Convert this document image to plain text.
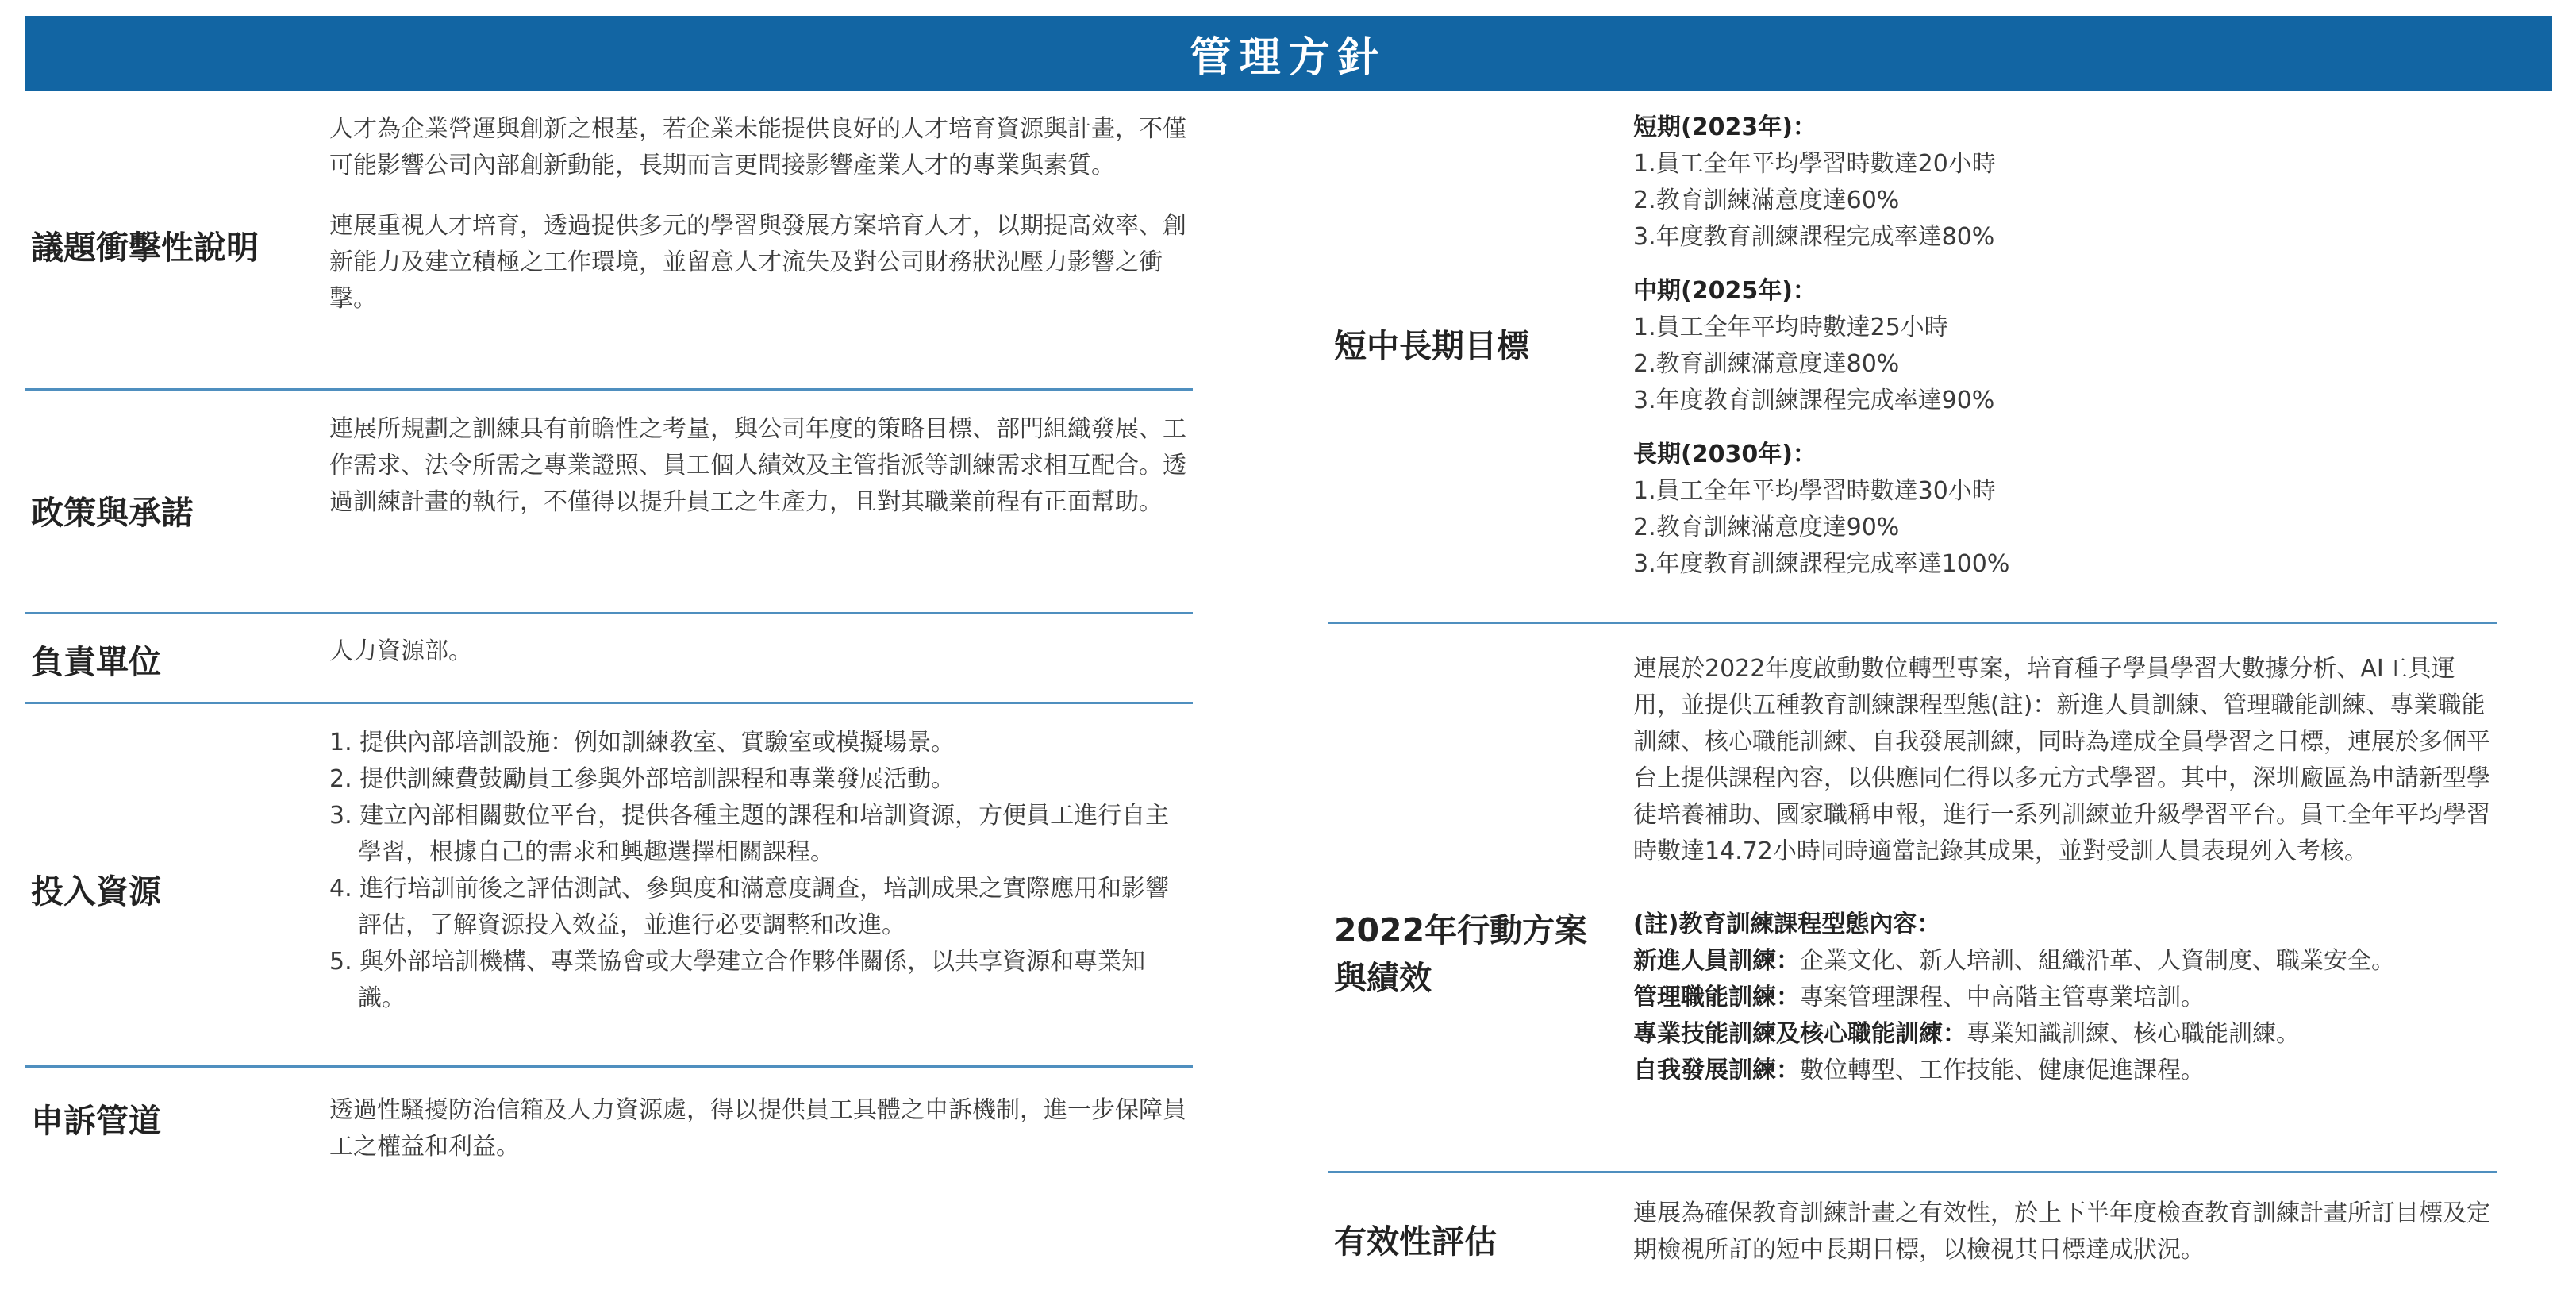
管理方針
議題衝擊性說明

人才為企業營運與創新之根基，若企業未能提供良好的人才培育資源與計畫，不僅可能影響公司內部創新動能，長期而言更間接影響產業人才的專業與素質。

連展重視人才培育，透過提供多元的學習與發展方案培育人才，以期提高效率、創新能力及建立積極之工作環境，並留意人才流失及對公司財務狀況壓力影響之衝擊。

政策與承諾

連展所規劃之訓練具有前瞻性之考量，與公司年度的策略目標、部門組織發展、工作需求、法令所需之專業證照、員工個人績效及主管指派等訓練需求相互配合。透過訓練計畫的執行，不僅得以提升員工之生產力，且對其職業前程有正面幫助。

負責單位	人力資源部。

投入資源
1. 提供內部培訓設施：例如訓練教室、實驗室或模擬場景。
2. 提供訓練費鼓勵員工參與外部培訓課程和專業發展活動。
3. 建立內部相關數位平台，提供各種主題的課程和培訓資源，方便員工進行自主學習，根據自己的需求和興趣選擇相關課程。
4. 進行培訓前後之評估測試、參與度和滿意度調查，培訓成果之實際應用和影響評估，了解資源投入效益，並進行必要調整和改進。
5. 與外部培訓機構、專業協會或大學建立合作夥伴關係，以共享資源和專業知識。
申訴管道	透過性騷擾防治信箱及人力資源處，得以提供員工具體之申訴機制，進一步保障員工之權益和利益。

短中長期目標
短期(2023年)：
1.員工全年平均學習時數達20小時
2.教育訓練滿意度達60%
3.年度教育訓練課程完成率達80%
中期(2025年)：
1.員工全年平均時數達25小時
2.教育訓練滿意度達80%
3.年度教育訓練課程完成率達90%
長期(2030年)：
1.員工全年平均學習時數達30小時
2.教育訓練滿意度達90%
3.年度教育訓練課程完成率達100%
2022年行動方案
與績效

連展於2022年度啟動數位轉型專案，培育種子學員學習大數據分析、AI工具運用，並提供五種教育訓練課程型態(註)：新進人員訓練、管理職能訓練、專業職能訓練、核心職能訓練、自我發展訓練，同時為達成全員學習之目標，連展於多個平台上提供課程內容，以供應同仁得以多元方式學習。其中，深圳廠區為申請新型學徒培養補助、國家職稱申報，進行一系列訓練並升級學習平台。員工全年平均學習時數達14.72小時同時適當記錄其成果，並對受訓人員表現列入考核。

(註)教育訓練課程型態內容：
新進人員訓練：企業文化、新人培訓、組織沿革、人資制度、職業安全。
管理職能訓練：專案管理課程、中高階主管專業培訓。
專業技能訓練及核心職能訓練：專業知識訓練、核心職能訓練。
自我發展訓練：數位轉型、工作技能、健康促進課程。
有效性評估

連展為確保教育訓練計畫之有效性，於上下半年度檢查教育訓練計畫所訂目標及定期檢視所訂的短中長期目標，以檢視其目標達成狀況。
